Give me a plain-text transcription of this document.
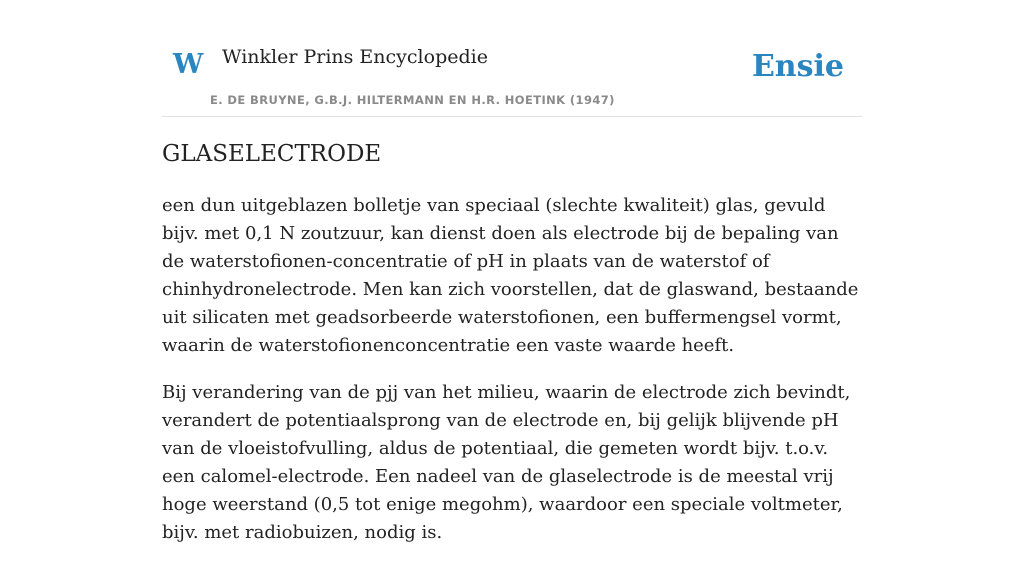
W Winkler Prins Encyclopedie
E. DE BRUYNE, G.B.J. HILTERMANN EN H.R. HOETINK (1947)
Ensie
GLASELECTRODE

een dun uitgeblazen bolletje van speciaal (slechte kwaliteit) glas, gevuld bijv. met 0,1 N zoutzuur, kan dienst doen als electrode bij de bepaling van de waterstofionen-concentratie of pH in plaats van de waterstof of chinhydronelectrode. Men kan zich voorstellen, dat de glaswand, bestaande uit silicaten met geadsorbeerde waterstofionen, een buffermengsel vormt, waarin de waterstofionenconcentratie een vaste waarde heeft.

Bij verandering van de pjj van het milieu, waarin de electrode zich bevindt, verandert de potentiaalsprong van de electrode en, bij gelijk blijvende pH van de vloeistofvulling, aldus de potentiaal, die gemeten wordt bijv. t.o.v. een calomel-electrode. Een nadeel van de glaselectrode is de meestal vrij hoge weerstand (0,5 tot enige megohm), waardoor een speciale voltmeter, bijv. met radiobuizen, nodig is.
